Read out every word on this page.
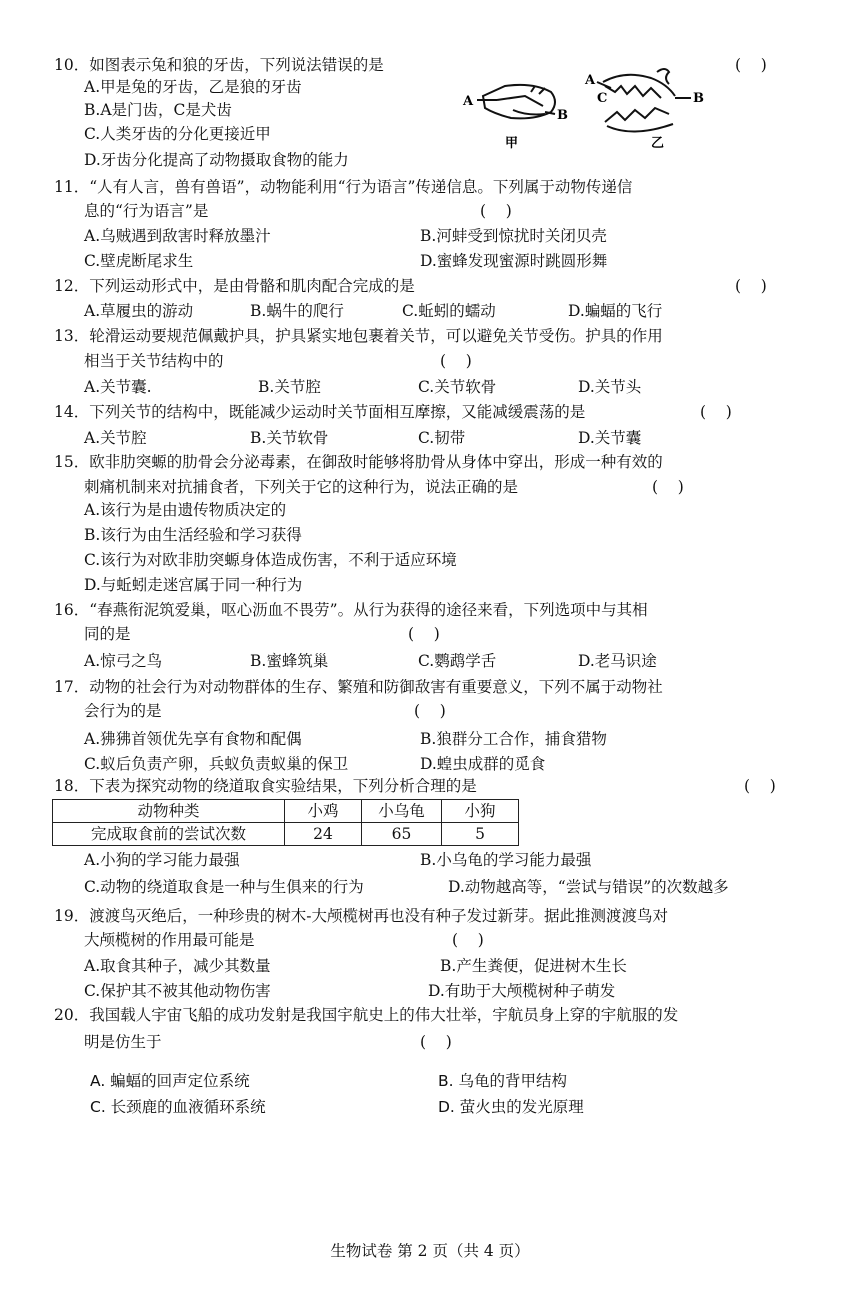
10．如图表示兔和狼的牙齿，下列说法错误的是	(    )
A.甲是兔的牙齿，乙是狼的牙齿
B.A是门齿，C是犬齿
C.人类牙齿的分化更接近甲
D.牙齿分化提高了动物摄取食物的能力
A
B
甲
A
C	B
乙
11．“人有人言，兽有兽语”，动物能利用“行为语言”传递信息。下列属于动物传递信
息的“行为语言”是	(    )
A.乌贼遇到敌害时释放墨汁	B.河蚌受到惊扰时关闭贝壳
C.壁虎断尾求生	D.蜜蜂发现蜜源时跳圆形舞
12．下列运动形式中，是由骨骼和肌肉配合完成的是	(    )
A.草履虫的游动	B.蜗牛的爬行	C.蚯蚓的蠕动	D.蝙蝠的飞行
13．轮滑运动要规范佩戴护具，护具紧实地包裹着关节，可以避免关节受伤。护具的作用
相当于关节结构中的	(    )
A.关节囊.	B.关节腔	C.关节软骨	D.关节头
14．下列关节的结构中，既能减少运动时关节面相互摩擦，又能减缓震荡的是	(    )
A.关节腔	B.关节软骨	C.韧带	D.关节囊
15．欧非肋突螈的肋骨会分泌毒素，在御敌时能够将肋骨从身体中穿出，形成一种有效的
刺痛机制来对抗捕食者，下列关于它的这种行为，说法正确的是	(    )
A.该行为是由遗传物质决定的
B.该行为由生活经验和学习获得
C.该行为对欧非肋突螈身体造成伤害，不利于适应环境
D.与蚯蚓走迷宫属于同一种行为
16．“春燕衔泥筑爱巢，呕心沥血不畏劳”。从行为获得的途径来看，下列选项中与其相
同的是	(    )
A.惊弓之鸟	B.蜜蜂筑巢	C.鹦鹉学舌	D.老马识途
17．动物的社会行为对动物群体的生存、繁殖和防御敌害有重要意义，下列不属于动物社
会行为的是	(    )
A.狒狒首领优先享有食物和配偶	B.狼群分工合作，捕食猎物
C.蚁后负责产卵，兵蚁负责蚁巢的保卫	D.蝗虫成群的觅食
18．下表为探究动物的绕道取食实验结果，下列分析合理的是	(    )
动物种类	小鸡	小乌龟	小狗
完成取食前的尝试次数	24	65	5
A.小狗的学习能力最强	B.小乌龟的学习能力最强
C.动物的绕道取食是一种与生俱来的行为	D.动物越高等，“尝试与错误”的次数越多
19．渡渡鸟灭绝后，一种珍贵的树木-大颅榄树再也没有种子发过新芽。据此推测渡渡鸟对
大颅榄树的作用最可能是	(    )
A.取食其种子，减少其数量	B.产生粪便，促进树木生长
C.保护其不被其他动物伤害	D.有助于大颅榄树种子萌发
20．我国载人宇宙飞船的成功发射是我国宇航史上的伟大壮举，宇航员身上穿的宇航服的发
明是仿生于	(    )
A. 蝙蝠的回声定位系统	B. 乌龟的背甲结构
C. 长颈鹿的血液循环系统	D. 萤火虫的发光原理
生物试卷 第 2 页（共 4 页）
